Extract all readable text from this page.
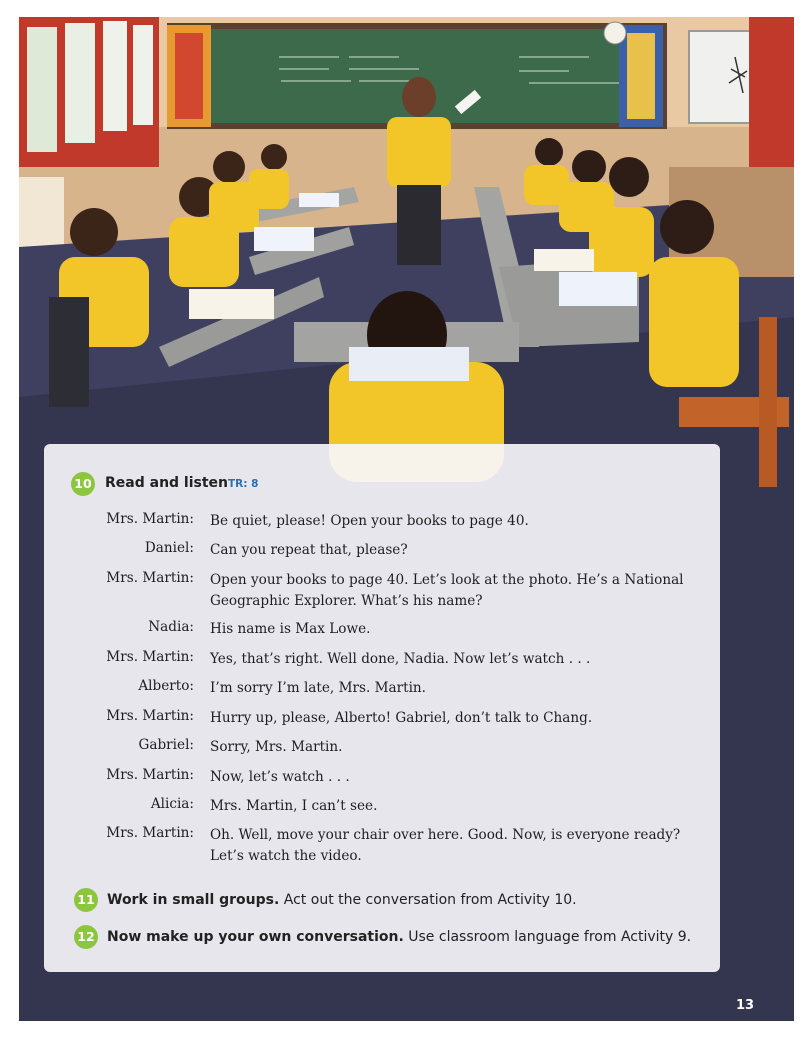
10 Read and listen TR: 8
Mrs. Martin: Be quiet, please! Open your books to page 40.
Daniel: Can you repeat that, please?
Mrs. Martin: Open your books to page 40. Let’s look at the photo. He’s a National Geographic Explorer. What’s his name?
Nadia: His name is Max Lowe.
Mrs. Martin: Yes, that’s right. Well done, Nadia. Now let’s watch . . .
Alberto: I’m sorry I’m late, Mrs. Martin.
Mrs. Martin: Hurry up, please, Alberto! Gabriel, don’t talk to Chang.
Gabriel: Sorry, Mrs. Martin.
Mrs. Martin: Now, let’s watch . . .
Alicia: Mrs. Martin, I can’t see.
Mrs. Martin: Oh. Well, move your chair over here. Good. Now, is everyone ready? Let’s watch the video.
11 Work in small groups. Act out the conversation from Activity 10.
12 Now make up your own conversation. Use classroom language from Activity 9.
13
